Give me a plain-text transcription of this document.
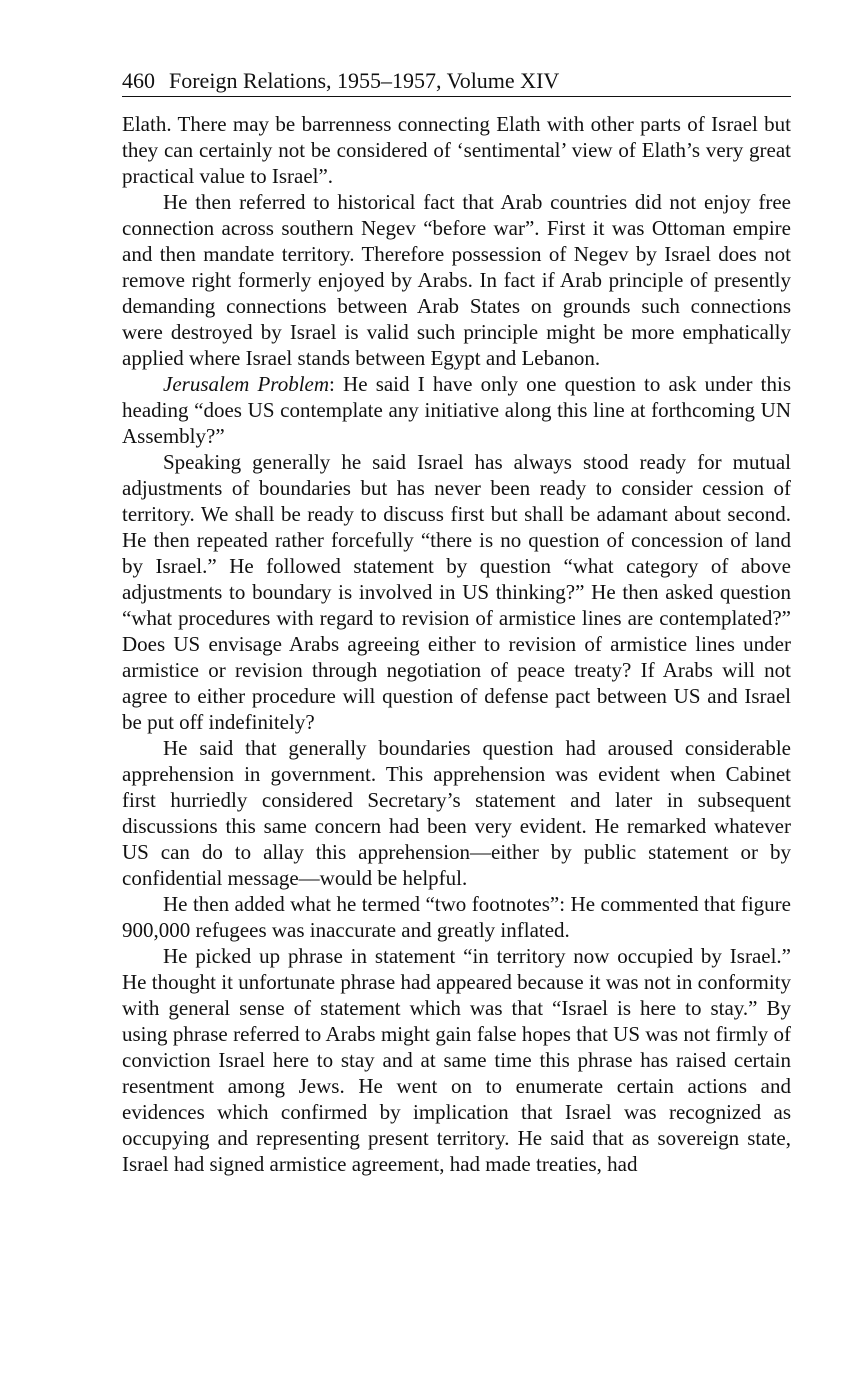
460 Foreign Relations, 1955–1957, Volume XIV

Elath. There may be barrenness connecting Elath with other parts of Israel but they can certainly not be considered of ‘sentimental’ view of Elath’s very great practical value to Israel”.

He then referred to historical fact that Arab countries did not enjoy free connection across southern Negev “before war”. First it was Ottoman empire and then mandate territory. Therefore possession of Negev by Israel does not remove right formerly enjoyed by Arabs. In fact if Arab principle of presently demanding connections between Arab States on grounds such connections were destroyed by Israel is valid such principle might be more emphatically applied where Israel stands between Egypt and Lebanon.

Jerusalem Problem: He said I have only one question to ask under this heading “does US contemplate any initiative along this line at forthcoming UN Assembly?”

Speaking generally he said Israel has always stood ready for mutual adjustments of boundaries but has never been ready to consider cession of territory. We shall be ready to discuss first but shall be adamant about second. He then repeated rather forcefully “there is no question of concession of land by Israel.” He followed statement by question “what category of above adjustments to boundary is involved in US thinking?” He then asked question “what procedures with regard to revision of armistice lines are contemplated?” Does US envisage Arabs agreeing either to revision of armistice lines under armistice or revision through negotiation of peace treaty? If Arabs will not agree to either procedure will question of defense pact between US and Israel be put off indefinitely?

He said that generally boundaries question had aroused considerable apprehension in government. This apprehension was evident when Cabinet first hurriedly considered Secretary’s statement and later in subsequent discussions this same concern had been very evident. He remarked whatever US can do to allay this apprehension—either by public statement or by confidential message—would be helpful.

He then added what he termed “two footnotes”: He commented that figure 900,000 refugees was inaccurate and greatly inflated.

He picked up phrase in statement “in territory now occupied by Israel.” He thought it unfortunate phrase had appeared because it was not in conformity with general sense of statement which was that “Israel is here to stay.” By using phrase referred to Arabs might gain false hopes that US was not firmly of conviction Israel here to stay and at same time this phrase has raised certain resentment among Jews. He went on to enumerate certain actions and evidences which confirmed by implication that Israel was recognized as occupying and representing present territory. He said that as sovereign state, Israel had signed armistice agreement, had made treaties, had
